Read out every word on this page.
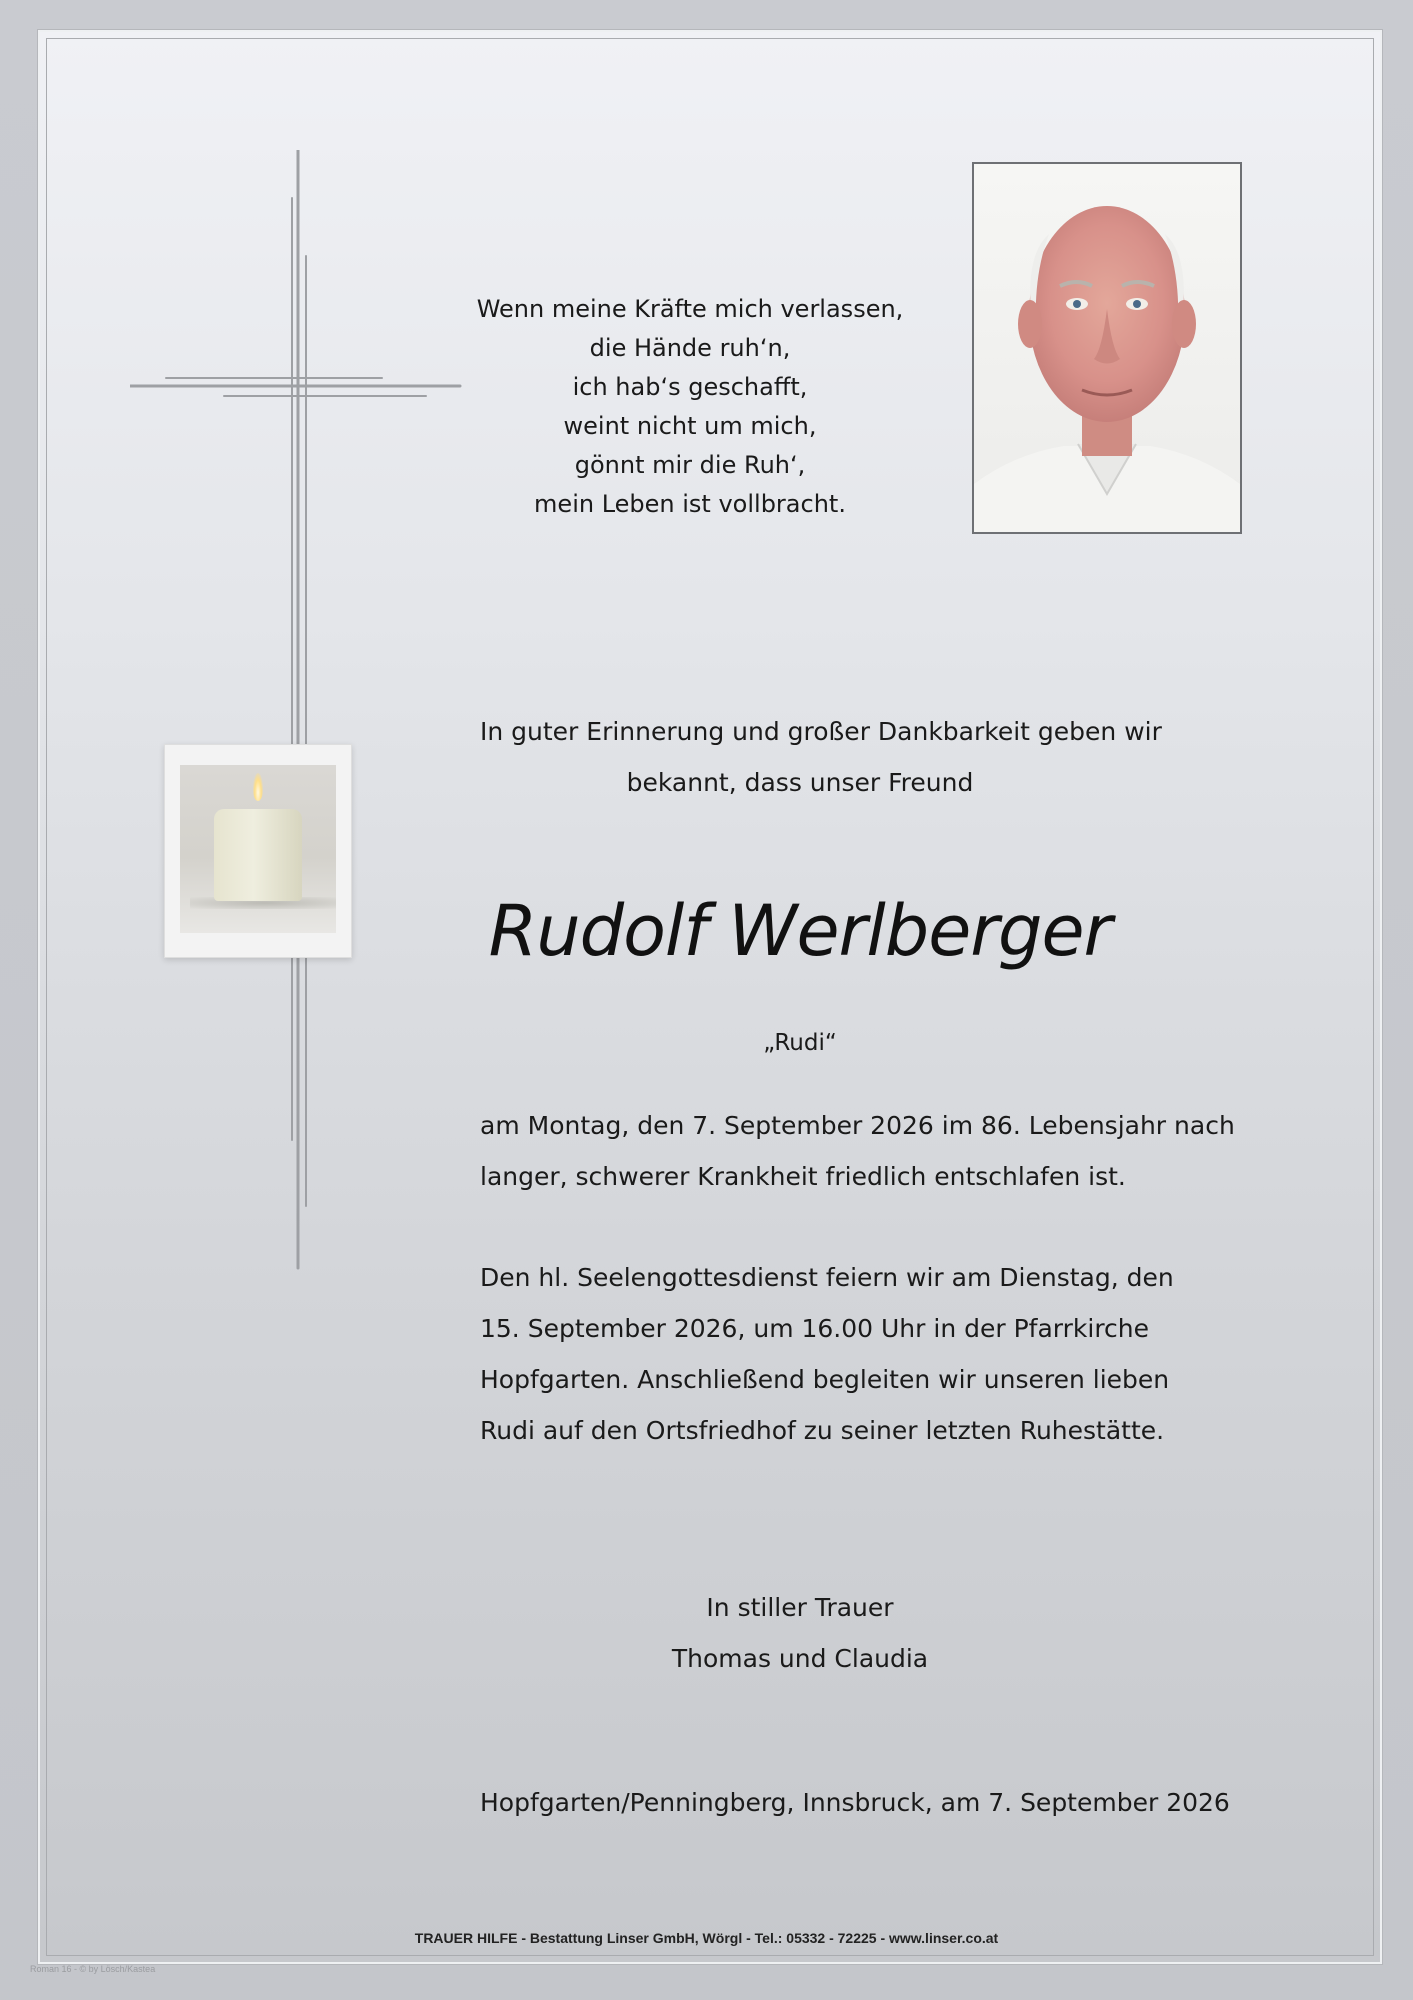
Wenn meine Kräfte mich verlassen,
die Hände ruh‘n,
ich hab‘s geschafft,
weint nicht um mich,
gönnt mir die Ruh‘,
mein Leben ist vollbracht.
In guter Erinnerung und großer Dankbarkeit geben wir
bekannt, dass unser Freund
Rudolf Werlberger
„Rudi“
am Montag, den 7. September 2026 im 86. Lebensjahr nach
langer, schwerer Krankheit friedlich entschlafen ist.
Den hl. Seelengottesdienst feiern wir am Dienstag, den
15. September 2026, um 16.00 Uhr in der Pfarrkirche
Hopfgarten. Anschließend begleiten wir unseren lieben
Rudi auf den Ortsfriedhof zu seiner letzten Ruhestätte.
In stiller Trauer
Thomas und Claudia
Hopfgarten/Penningberg, Innsbruck, am 7. September 2026
TRAUER HILFE - Bestattung Linser GmbH, Wörgl - Tel.: 05332 - 72225 - www.linser.co.at
Roman 16 - © by Lösch/Kastea
